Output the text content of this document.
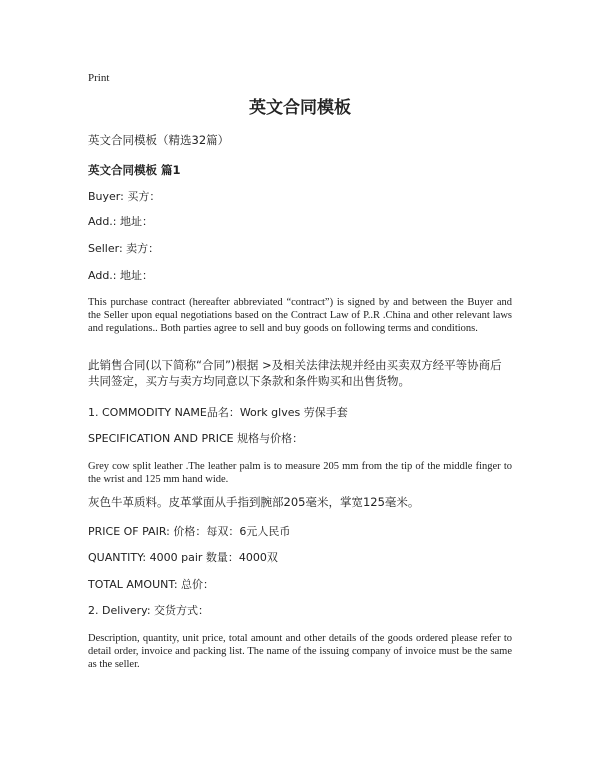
Print

英文合同模板

英文合同模板（精选32篇）

英文合同模板 篇1

Buyer: 买方：

Add.: 地址：

Seller: 卖方：

Add.: 地址：

This purchase contract (hereafter abbreviated “contract”) is signed by and between the Buyer and the Seller upon equal negotiations based on the Contract Law of P..R .China and other relevant laws and regulations.. Both parties agree to sell and buy goods on following terms and conditions.

此销售合同(以下简称“合同”)根据 >及相关法律法规并经由买卖双方经平等协商后共同签定，买方与卖方均同意以下条款和条件购买和出售货物。

1. COMMODITY NAME品名：Work glves 劳保手套

SPECIFICATION AND PRICE 规格与价格：

Grey cow split leather .The leather palm is to measure 205 mm from the tip of the middle finger to the wrist and 125 mm hand wide.

灰色牛革质料。皮革掌面从手指到腕部205毫米，掌宽125毫米。

PRICE OF PAIR: 价格：每双：6元人民币

QUANTITY: 4000 pair 数量：4000双

TOTAL AMOUNT: 总价：

2. Delivery: 交货方式：

Description, quantity, unit price, total amount and other details of the goods ordered please refer to detail order, invoice and packing list. The name of the issuing company of invoice must be the same as the seller.
